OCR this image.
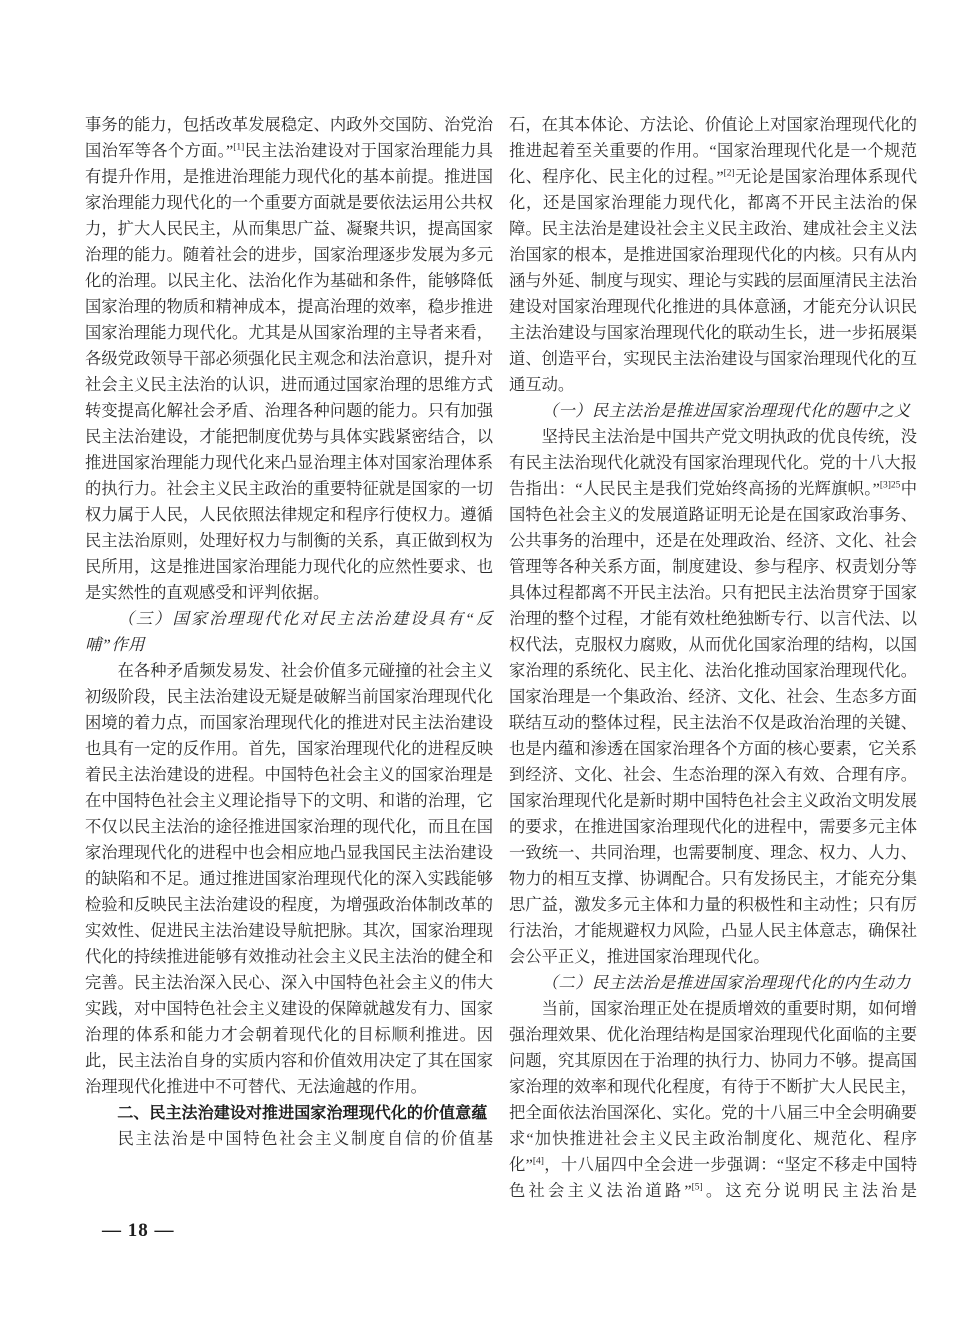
事务的能力，包括改革发展稳定、内政外交国防、治党治国治军等各个方面。”[1]民主法治建设对于国家治理能力具有提升作用，是推进治理能力现代化的基本前提。推进国家治理能力现代化的一个重要方面就是要依法运用公共权力，扩大人民民主，从而集思广益、凝聚共识，提高国家治理的能力。随着社会的进步，国家治理逐步发展为多元化的治理。以民主化、法治化作为基础和条件，能够降低国家治理的物质和精神成本，提高治理的效率，稳步推进国家治理能力现代化。尤其是从国家治理的主导者来看，各级党政领导干部必须强化民主观念和法治意识，提升对社会主义民主法治的认识，进而通过国家治理的思维方式转变提高化解社会矛盾、治理各种问题的能力。只有加强民主法治建设，才能把制度优势与具体实践紧密结合，以推进国家治理能力现代化来凸显治理主体对国家治理体系的执行力。社会主义民主政治的重要特征就是国家的一切权力属于人民，人民依照法律规定和程序行使权力。遵循民主法治原则，处理好权力与制衡的关系，真正做到权为民所用，这是推进国家治理能力现代化的应然性要求、也是实然性的直观感受和评判依据。

（三）国家治理现代化对民主法治建设具有“反哺”作用

在各种矛盾频发易发、社会价值多元碰撞的社会主义初级阶段，民主法治建设无疑是破解当前国家治理现代化困境的着力点，而国家治理现代化的推进对民主法治建设也具有一定的反作用。首先，国家治理现代化的进程反映着民主法治建设的进程。中国特色社会主义的国家治理是在中国特色社会主义理论指导下的文明、和谐的治理，它不仅以民主法治的途径推进国家治理的现代化，而且在国家治理现代化的进程中也会相应地凸显我国民主法治建设的缺陷和不足。通过推进国家治理现代化的深入实践能够检验和反映民主法治建设的程度，为增强政治体制改革的实效性、促进民主法治建设导航把脉。其次，国家治理现代化的持续推进能够有效推动社会主义民主法治的健全和完善。民主法治深入民心、深入中国特色社会主义的伟大实践，对中国特色社会主义建设的保障就越发有力、国家治理的体系和能力才会朝着现代化的目标顺利推进。因此，民主法治自身的实质内容和价值效用决定了其在国家治理现代化推进中不可替代、无法逾越的作用。

二、民主法治建设对推进国家治理现代化的价值意蕴

民主法治是中国特色社会主义制度自信的价值基

石，在其本体论、方法论、价值论上对国家治理现代化的推进起着至关重要的作用。“国家治理现代化是一个规范化、程序化、民主化的过程。”[2]无论是国家治理体系现代化，还是国家治理能力现代化，都离不开民主法治的保障。民主法治是建设社会主义民主政治、建成社会主义法治国家的根本，是推进国家治理现代化的内核。只有从内涵与外延、制度与现实、理论与实践的层面厘清民主法治建设对国家治理现代化推进的具体意涵，才能充分认识民主法治建设与国家治理现代化的联动生长，进一步拓展渠道、创造平台，实现民主法治建设与国家治理现代化的互通互动。

（一）民主法治是推进国家治理现代化的题中之义

坚持民主法治是中国共产党文明执政的优良传统，没有民主法治现代化就没有国家治理现代化。党的十八大报告指出：“人民民主是我们党始终高扬的光辉旗帜。”$^{[3]25}$中国特色社会主义的发展道路证明无论是在国家政治事务、公共事务的治理中，还是在处理政治、经济、文化、社会管理等各种关系方面，制度建设、参与程序、权责划分等具体过程都离不开民主法治。只有把民主法治贯穿于国家治理的整个过程，才能有效杜绝独断专行、以言代法、以权代法，克服权力腐败，从而优化国家治理的结构，以国家治理的系统化、民主化、法治化推动国家治理现代化。国家治理是一个集政治、经济、文化、社会、生态多方面联结互动的整体过程，民主法治不仅是政治治理的关键、也是内蕴和渗透在国家治理各个方面的核心要素，它关系到经济、文化、社会、生态治理的深入有效、合理有序。国家治理现代化是新时期中国特色社会主义政治文明发展的要求，在推进国家治理现代化的进程中，需要多元主体一致统一、共同治理，也需要制度、理念、权力、人力、物力的相互支撑、协调配合。只有发扬民主，才能充分集思广益，激发多元主体和力量的积极性和主动性；只有厉行法治，才能规避权力风险，凸显人民主体意志，确保社会公平正义，推进国家治理现代化。

（二）民主法治是推进国家治理现代化的内生动力

　　当前，国家治理正处在提质增效的重要时期，如何增强治理效果、优化治理结构是国家治理现代化面临的主要问题，究其原因在于治理的执行力、协同力不够。提高国家治理的效率和现代化程度，有待于不断扩大人民民主，把全面依法治国深化、实化。党的十八届三中全会明确要求“加快推进社会主义民主政治制度化、规范化、程序化”[4]，十八届四中全会进一步强调：“坚定不移走中国特色社会主义法治道路”[5]。这充分说明民主法治是

— 18 —
